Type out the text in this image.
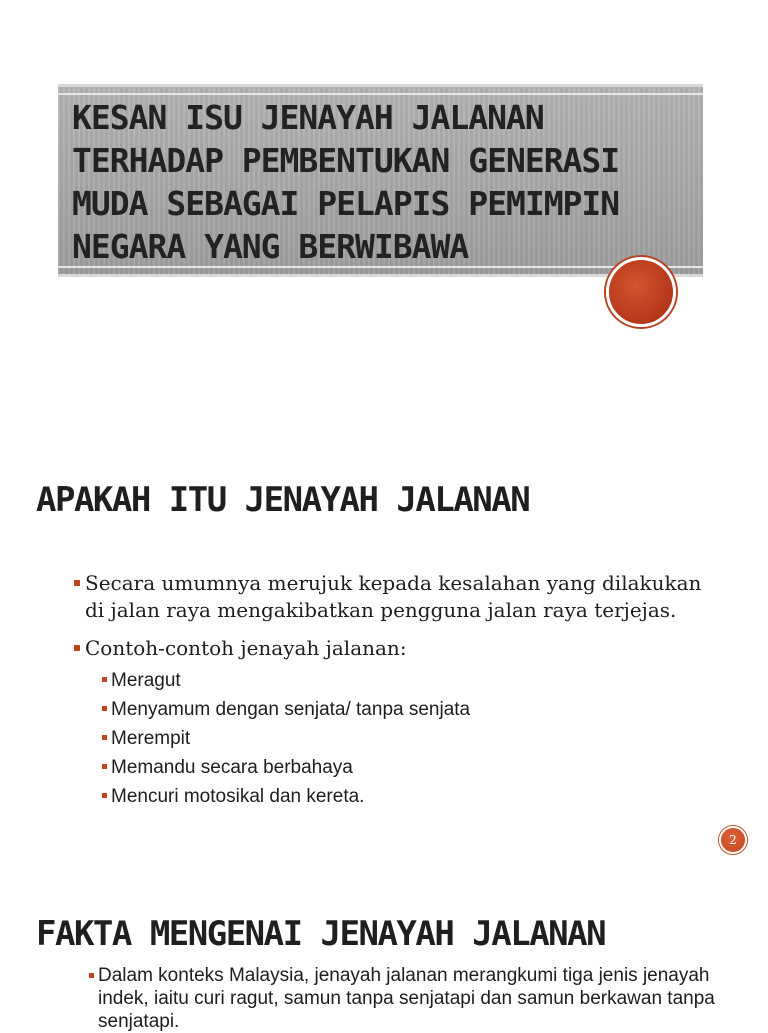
KESAN ISU JENAYAH JALANAN TERHADAP PEMBENTUKAN GENERASI MUDA SEBAGAI PELAPIS PEMIMPIN NEGARA YANG BERWIBAWA
APAKAH ITU JENAYAH JALANAN
Secara umumnya merujuk kepada kesalahan yang dilakukan di jalan raya mengakibatkan pengguna jalan raya terjejas.
Contoh-contoh jenayah jalanan:
Meragut
Menyamum dengan senjata/ tanpa senjata
Merempit
Memandu secara berbahaya
Mencuri motosikal dan kereta.
2
FAKTA MENGENAI JENAYAH JALANAN
Dalam konteks Malaysia, jenayah jalanan merangkumi tiga jenis jenayah indek, iaitu curi ragut, samun tanpa senjatapi dan samun berkawan tanpa senjatapi.
